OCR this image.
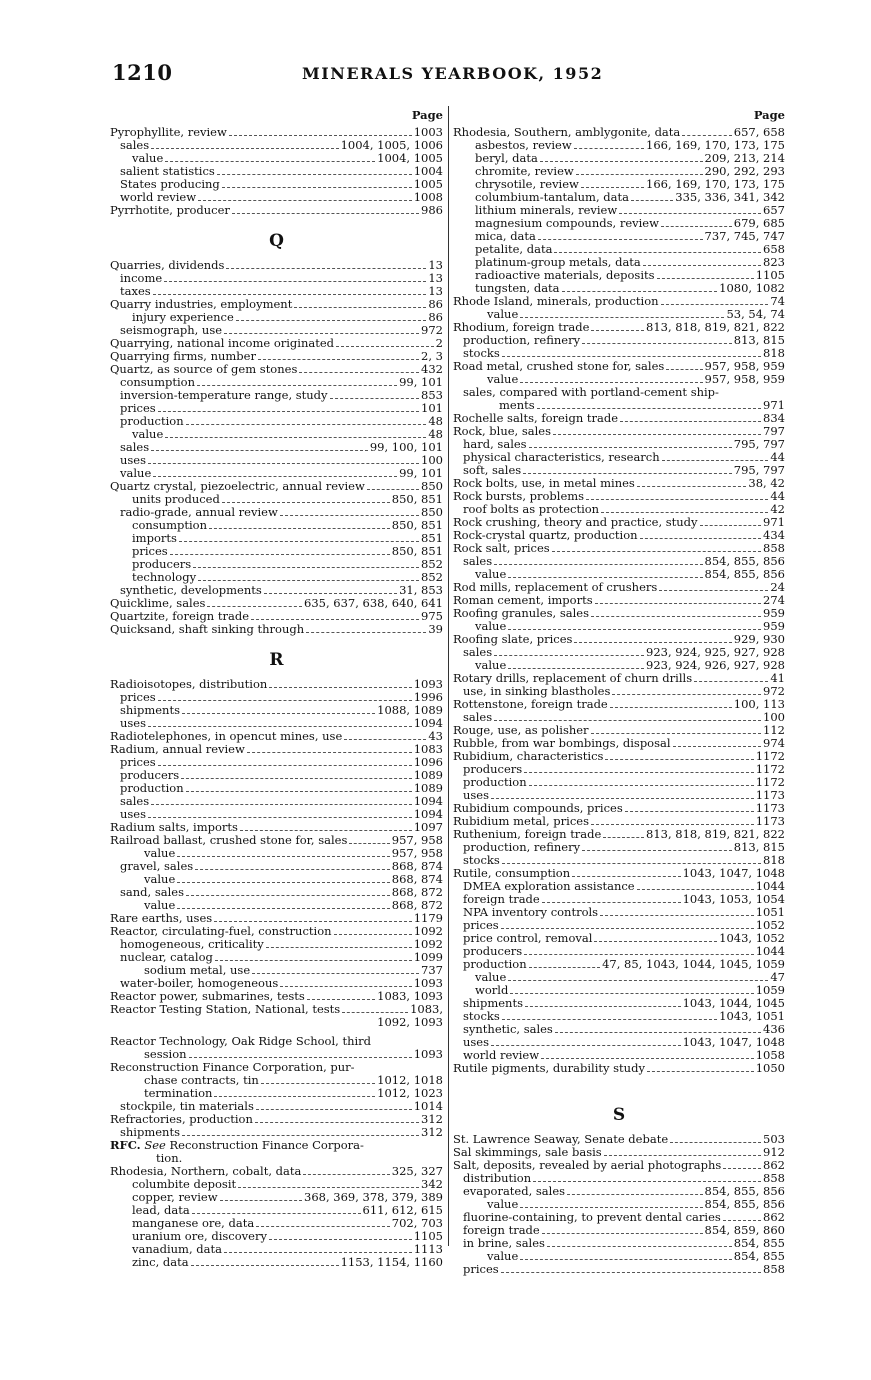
1210	MINERALS YEARBOOK, 1952
Page
Pyrophyllite, review	1003
sales	1004, 1005, 1006
value	1004, 1005
salient statistics	1004
States producing	1005
world review	1008
Pyrrhotite, producer	986
Q
Quarries, dividends	13
income	13
taxes	13
Quarry industries, employment	86
injury experience	86
seismograph, use	972
Quarrying, national income originated	2
Quarrying firms, number	2, 3
Quartz, as source of gem stones	432
consumption	99, 101
inversion-temperature range, study	853
prices	101
production	48
value	48
sales	99, 100, 101
uses	100
value	99, 101
Quartz crystal, piezoelectric, annual review	850
units produced	850, 851
radio-grade, annual review	850
consumption	850, 851
imports	851
prices	850, 851
producers	852
technology	852
synthetic, developments	31, 853
Quicklime, sales	635, 637, 638, 640, 641
Quartzite, foreign trade	975
Quicksand, shaft sinking through	39
R
Radioisotopes, distribution	1093
prices	1996
shipments	1088, 1089
uses	1094
Radiotelephones, in opencut mines, use	43
Radium, annual review	1083
prices	1096
producers	1089
production	1089
sales	1094
uses	1094
Radium salts, imports	1097
Railroad ballast, crushed stone for, sales	957, 958
value	957, 958
gravel, sales	868, 874
value	868, 874
sand, sales	868, 872
value	868, 872
Rare earths, uses	1179
Reactor, circulating-fuel, construction	1092
homogeneous, criticality	1092
nuclear, catalog	1099
sodium metal, use	737
water-boiler, homogeneous	1093
Reactor power, submarines, tests	1083, 1093
Reactor Testing Station, National, tests	1083,
1092, 1093
Reactor Technology, Oak Ridge School, third
session	1093
Reconstruction Finance Corporation, pur-
chase contracts, tin	1012, 1018
termination	1012, 1023
stockpile, tin materials	1014
Refractories, production	312
shipments	312
RFC. See Reconstruction Finance Corpora-
tion.
Rhodesia, Northern, cobalt, data	325, 327
columbite deposit	342
copper, review	368, 369, 378, 379, 389
lead, data	611, 612, 615
manganese ore, data	702, 703
uranium ore, discovery	1105
vanadium, data	1113
zinc, data	1153, 1154, 1160
Page
Rhodesia, Southern, amblygonite, data	657, 658
asbestos, review	166, 169, 170, 173, 175
beryl, data	209, 213, 214
chromite, review	290, 292, 293
chrysotile, review	166, 169, 170, 173, 175
columbium-tantalum, data	335, 336, 341, 342
lithium minerals, review	657
magnesium compounds, review	679, 685
mica, data	737, 745, 747
petalite, data	658
platinum-group metals, data	823
radioactive materials, deposits	1105
tungsten, data	1080, 1082
Rhode Island, minerals, production	74
value	53, 54, 74
Rhodium, foreign trade	813, 818, 819, 821, 822
production, refinery	813, 815
stocks	818
Road metal, crushed stone for, sales	957, 958, 959
value	957, 958, 959
sales, compared with portland-cement ship-
ments	971
Rochelle salts, foreign trade	834
Rock, blue, sales	797
hard, sales	795, 797
physical characteristics, research	44
soft, sales	795, 797
Rock bolts, use, in metal mines	38, 42
Rock bursts, problems	44
roof bolts as protection	42
Rock crushing, theory and practice, study	971
Rock-crystal quartz, production	434
Rock salt, prices	858
sales	854, 855, 856
value	854, 855, 856
Rod mills, replacement of crushers	24
Roman cement, imports	274
Roofing granules, sales	959
value	959
Roofing slate, prices	929, 930
sales	923, 924, 925, 927, 928
value	923, 924, 926, 927, 928
Rotary drills, replacement of churn drills	41
use, in sinking blastholes	972
Rottenstone, foreign trade	100, 113
sales	100
Rouge, use, as polisher	112
Rubble, from war bombings, disposal	974
Rubidium, characteristics	1172
producers	1172
production	1172
uses	1173
Rubidium compounds, prices	1173
Rubidium metal, prices	1173
Ruthenium, foreign trade	813, 818, 819, 821, 822
production, refinery	813, 815
stocks	818
Rutile, consumption	1043, 1047, 1048
DMEA exploration assistance	1044
foreign trade	1043, 1053, 1054
NPA inventory controls	1051
prices	1052
price control, removal	1043, 1052
producers	1044
production	47, 85, 1043, 1044, 1045, 1059
value	47
world	1059
shipments	1043, 1044, 1045
stocks	1043, 1051
synthetic, sales	436
uses	1043, 1047, 1048
world review	1058
Rutile pigments, durability study	1050
S
St. Lawrence Seaway, Senate debate	503
Sal skimmings, sale basis	912
Salt, deposits, revealed by aerial photographs	862
distribution	858
evaporated, sales	854, 855, 856
value	854, 855, 856
fluorine-containing, to prevent dental caries	862
foreign trade	854, 859, 860
in brine, sales	854, 855
value	854, 855
prices	858
